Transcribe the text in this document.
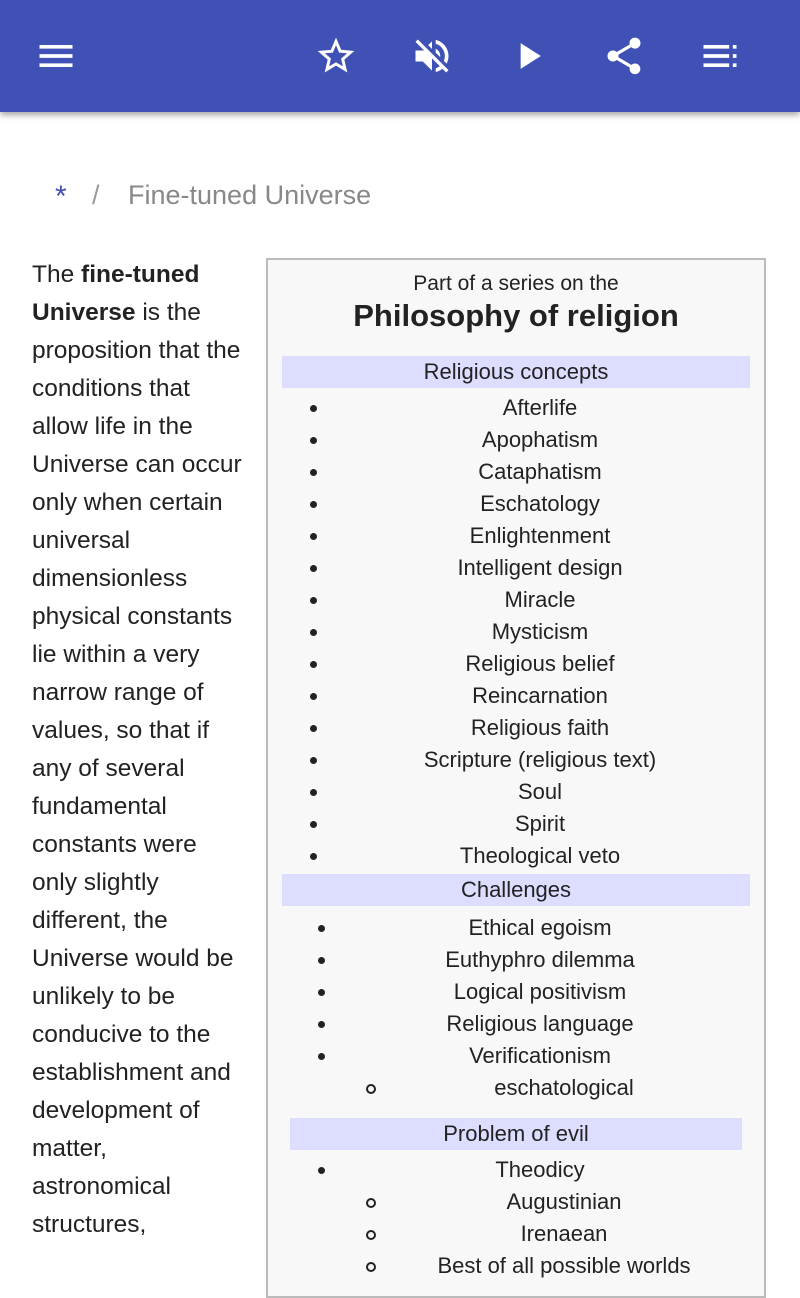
* / Fine-tuned Universe
The fine-tuned Universe is the proposition that the conditions that allow life in the Universe can occur only when certain universal dimensionless physical constants lie within a very narrow range of values, so that if any of several fundamental constants were only slightly different, the Universe would be unlikely to be conducive to the establishment and development of matter, astronomical structures,
Part of a series on the
Philosophy of religion
Religious concepts
Afterlife
Apophatism
Cataphatism
Eschatology
Enlightenment
Intelligent design
Miracle
Mysticism
Religious belief
Reincarnation
Religious faith
Scripture (religious text)
Soul
Spirit
Theological veto
Challenges
Ethical egoism
Euthyphro dilemma
Logical positivism
Religious language
Verificationism
eschatological
Problem of evil
Theodicy
Augustinian
Irenaean
Best of all possible worlds
